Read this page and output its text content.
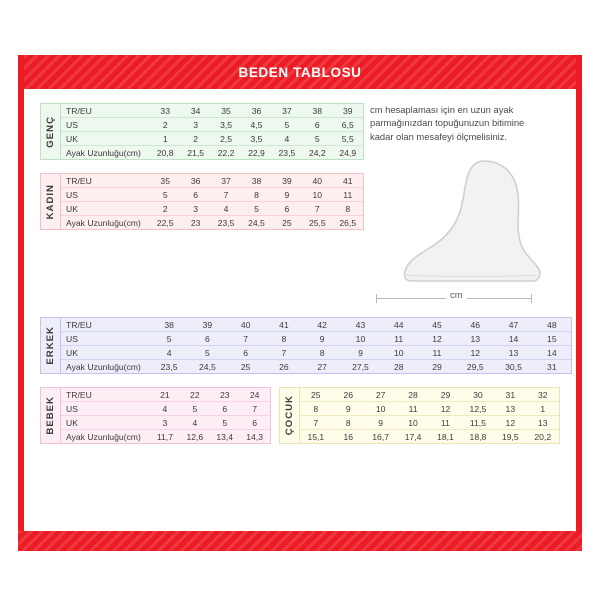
BEDEN TABLOSU
GENÇ
TR/EU	33	34	35	36	37	38	39
US	2	3	3,5	4,5	5	6	6,5
UK	1	2	2,5	3,5	4	5	5,5
Ayak Uzunluğu(cm)	20,8	21,5	22,2	22,9	23,5	24,2	24,9
KADIN
TR/EU	35	36	37	38	39	40	41
US	5	6	7	8	9	10	11
UK	2	3	4	5	6	7	8
Ayak Uzunluğu(cm)	22,5	23	23,5	24,5	25	25,5	26,5
cm hesaplaması için en uzun ayak parmağınızdan topuğunuzun bitimine kadar olan mesafeyi ölçmelisiniz.
cm
ERKEK
TR/EU	38	39	40	41	42	43	44	45	46	47	48
US	5	6	7	8	9	10	11	12	13	14	15
UK	4	5	6	7	8	9	10	11	12	13	14
Ayak Uzunluğu(cm)	23,5	24,5	25	26	27	27,5	28	29	29,5	30,5	31
BEBEK
TR/EU	21	22	23	24
US	4	5	6	7
UK	3	4	5	6
Ayak Uzunluğu(cm)	11,7	12,6	13,4	14,3
ÇOCUK
	25	26	27	28	29	30	31	32
	8	9	10	11	12	12,5	13	1
	7	8	9	10	11	11,5	12	13
	15,1	16	16,7	17,4	18,1	18,8	19,5	20,2
